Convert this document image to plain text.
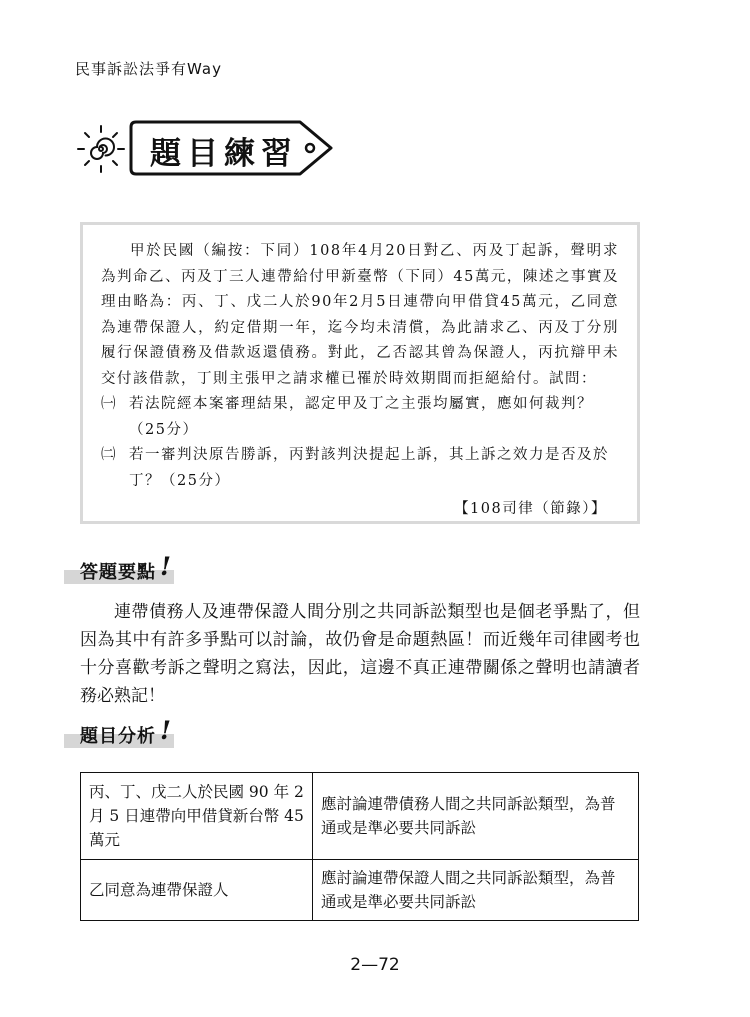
民事訴訟法爭有Way
題目練習

甲於民國（編按：下同）108年4月20日對乙、丙及丁起訴，聲明求為判命乙、丙及丁三人連帶給付甲新臺幣（下同）45萬元，陳述之事實及理由略為：丙、丁、戊二人於90年2月5日連帶向甲借貸45萬元，乙同意為連帶保證人，約定借期一年，迄今均未清償，為此請求乙、丙及丁分別履行保證債務及借款返還債務。對此，乙否認其曾為保證人，丙抗辯甲未交付該借款，丁則主張甲之請求權已罹於時效期間而拒絕給付。試問：

㈠ 若法院經本案審理結果，認定甲及丁之主張均屬實，應如何裁判？（25分）
㈡ 若一審判決原告勝訴，丙對該判決提起上訴，其上訴之效力是否及於丁？（25分）
【108司律（節錄）】
答題要點 !

連帶債務人及連帶保證人間分別之共同訴訟類型也是個老爭點了，但因為其中有許多爭點可以討論，故仍會是命題熱區！而近幾年司律國考也十分喜歡考訴之聲明之寫法，因此，這邊不真正連帶關係之聲明也請讀者務必熟記！

題目分析 !
丙、丁、戊二人於民國 90 年 2 月 5 日連帶向甲借貸新台幣 45 萬元	應討論連帶債務人間之共同訴訟類型，為普通或是準必要共同訴訟
乙同意為連帶保證人	應討論連帶保證人間之共同訴訟類型，為普通或是準必要共同訴訟
2—72
